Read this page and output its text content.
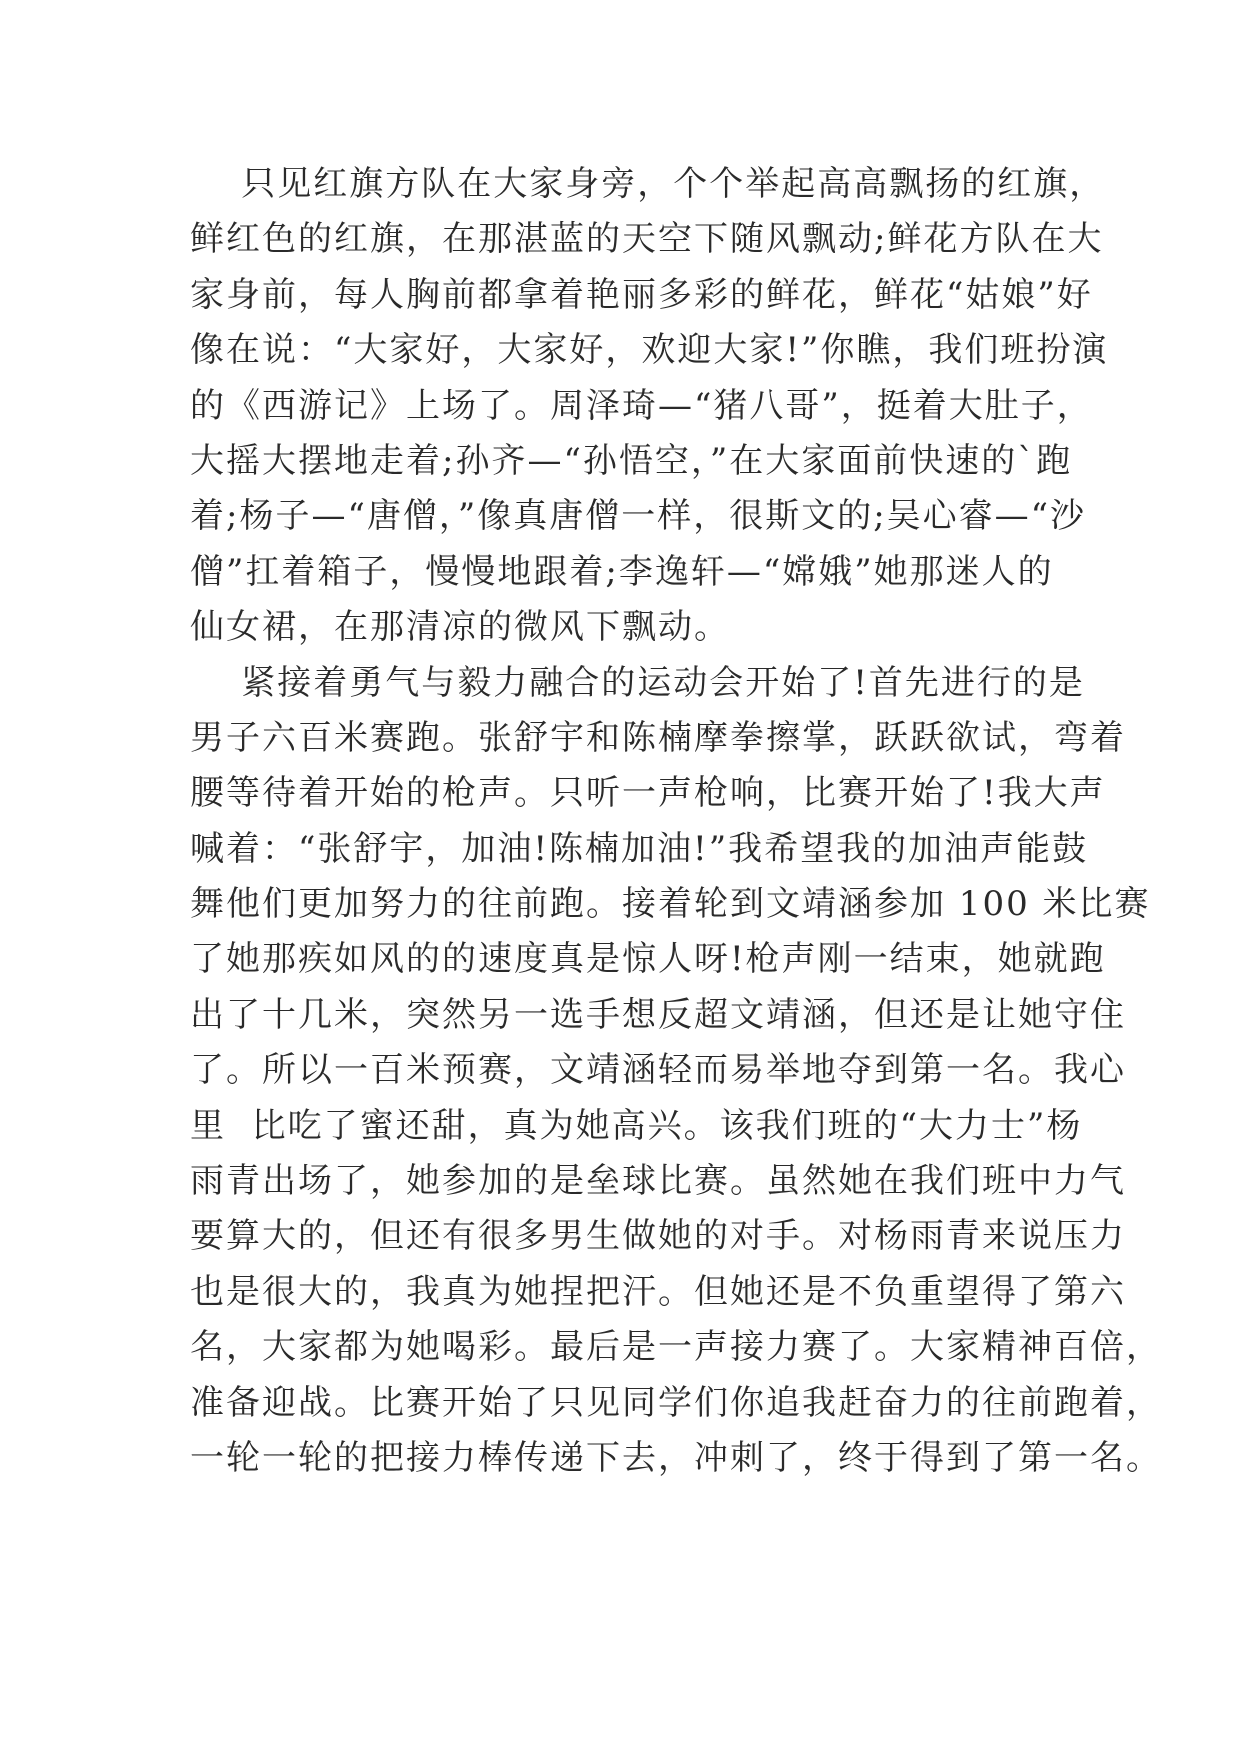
只见红旗方队在大家身旁，个个举起高高飘扬的红旗，
鲜红色的红旗，在那湛蓝的天空下随风飘动;鲜花方队在大
家身前，每人胸前都拿着艳丽多彩的鲜花，鲜花“姑娘”好
像在说：“大家好，大家好，欢迎大家!”你瞧，我们班扮演
的《西游记》上场了。周泽琦—“猪八哥”，挺着大肚子，
大摇大摆地走着;孙齐—“孙悟空，”在大家面前快速的`跑
着;杨子—“唐僧，”像真唐僧一样，很斯文的;吴心睿—“沙
僧”扛着箱子，慢慢地跟着;李逸轩—“嫦娥”她那迷人的
仙女裙，在那清凉的微风下飘动。
紧接着勇气与毅力融合的运动会开始了!首先进行的是
男子六百米赛跑。张舒宇和陈楠摩拳擦掌，跃跃欲试，弯着
腰等待着开始的枪声。只听一声枪响，比赛开始了!我大声
喊着：“张舒宇，加油!陈楠加油!”我希望我的加油声能鼓
舞他们更加努力的往前跑。接着轮到文靖涵参加 100 米比赛
了她那疾如风的的速度真是惊人呀!枪声刚一结束，她就跑
出了十几米，突然另一选手想反超文靖涵，但还是让她守住
了。所以一百米预赛，文靖涵轻而易举地夺到第一名。我心
里  比吃了蜜还甜，真为她高兴。该我们班的“大力士”杨
雨青出场了，她参加的是垒球比赛。虽然她在我们班中力气
要算大的，但还有很多男生做她的对手。对杨雨青来说压力
也是很大的，我真为她捏把汗。但她还是不负重望得了第六
名，大家都为她喝彩。最后是一声接力赛了。大家精神百倍，
准备迎战。比赛开始了只见同学们你追我赶奋力的往前跑着，
一轮一轮的把接力棒传递下去，冲刺了，终于得到了第一名。
